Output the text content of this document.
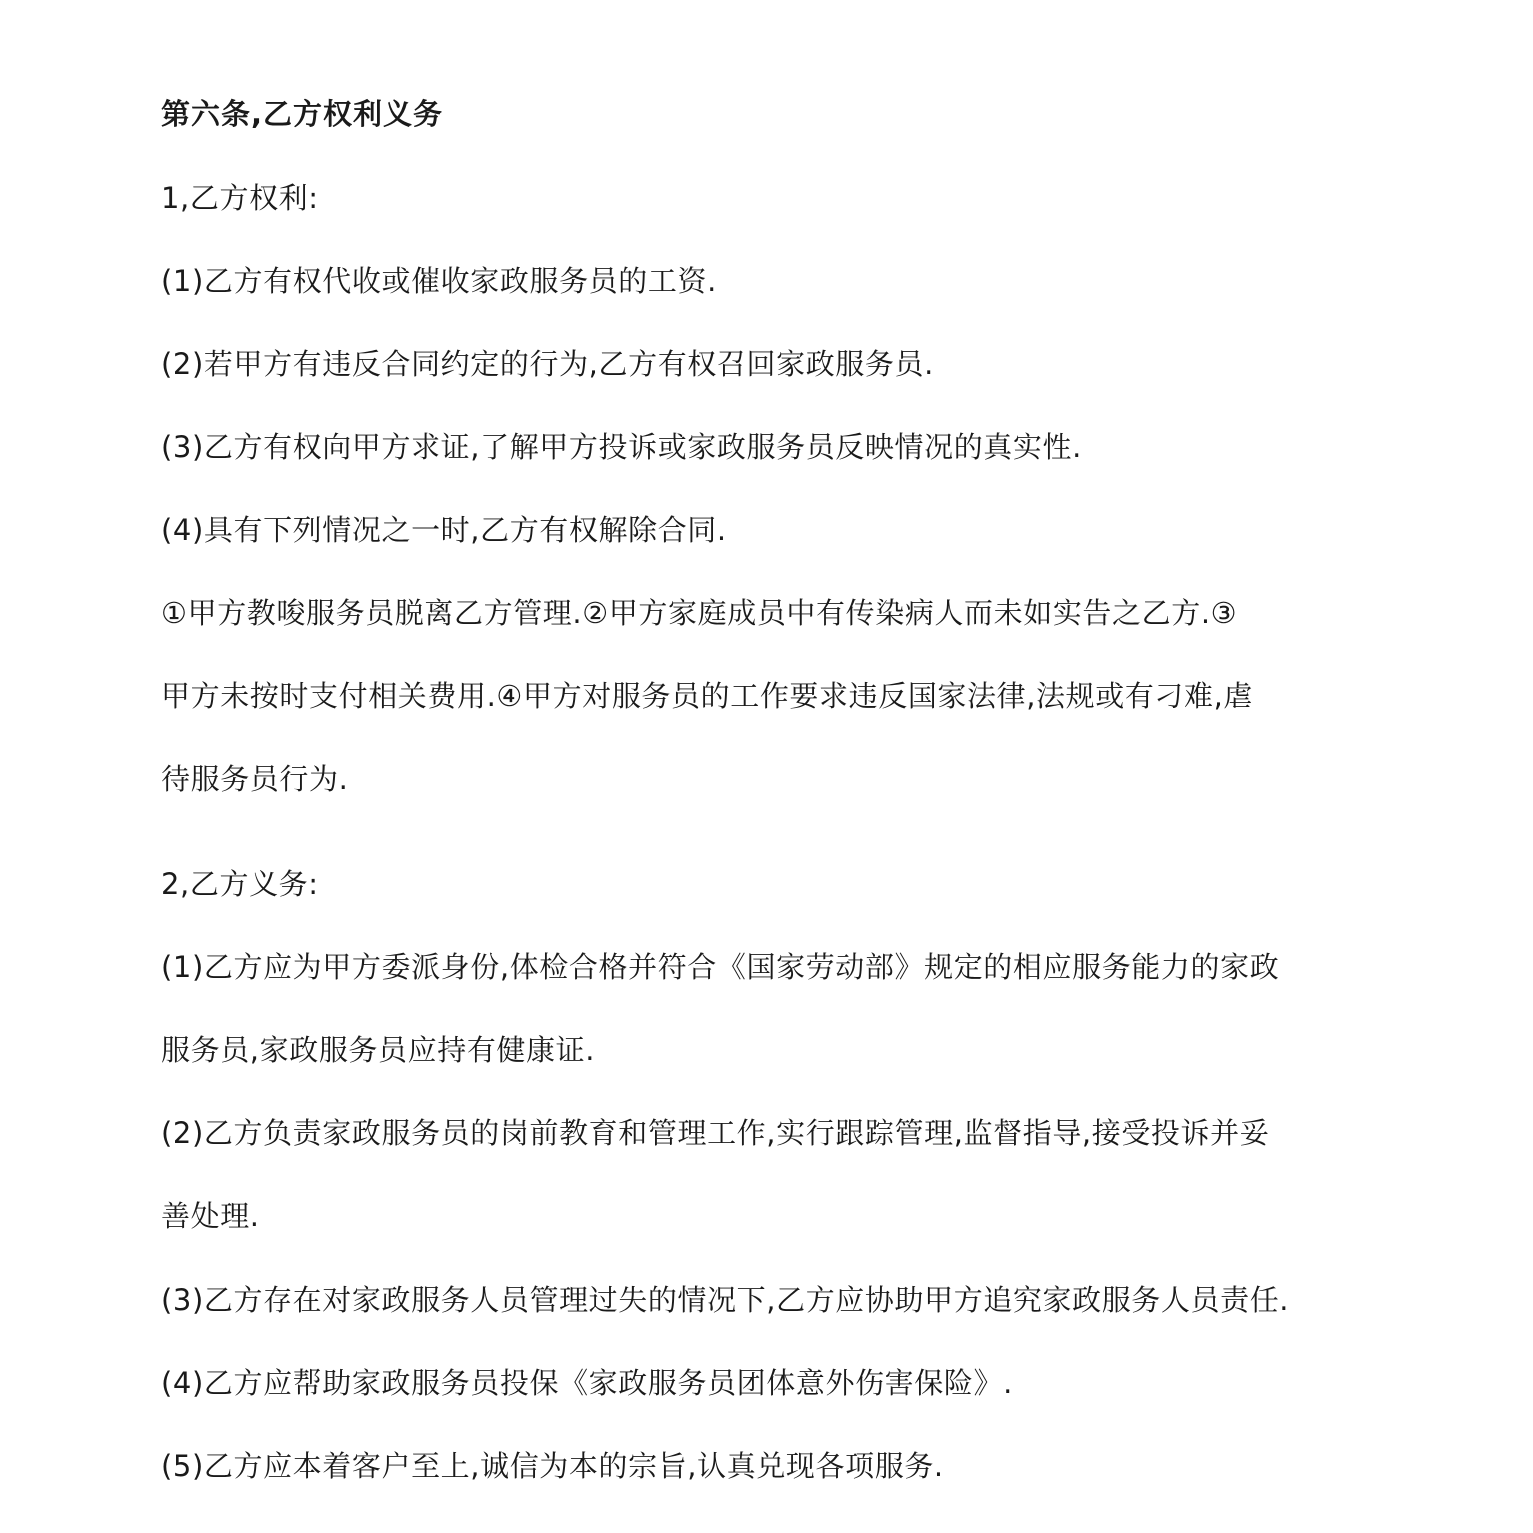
第六条,乙方权利义务
1,乙方权利:
(1)乙方有权代收或催收家政服务员的工资.
(2)若甲方有违反合同约定的行为,乙方有权召回家政服务员.
(3)乙方有权向甲方求证,了解甲方投诉或家政服务员反映情况的真实性.
(4)具有下列情况之一时,乙方有权解除合同.
①甲方教唆服务员脱离乙方管理.②甲方家庭成员中有传染病人而未如实告之乙方.③
甲方未按时支付相关费用.④甲方对服务员的工作要求违反国家法律,法规或有刁难,虐
待服务员行为.
2,乙方义务:
(1)乙方应为甲方委派身份,体检合格并符合《国家劳动部》规定的相应服务能力的家政
服务员,家政服务员应持有健康证.
(2)乙方负责家政服务员的岗前教育和管理工作,实行跟踪管理,监督指导,接受投诉并妥
善处理.
(3)乙方存在对家政服务人员管理过失的情况下,乙方应协助甲方追究家政服务人员责任.
(4)乙方应帮助家政服务员投保《家政服务员团体意外伤害保险》.
(5)乙方应本着客户至上,诚信为本的宗旨,认真兑现各项服务.
